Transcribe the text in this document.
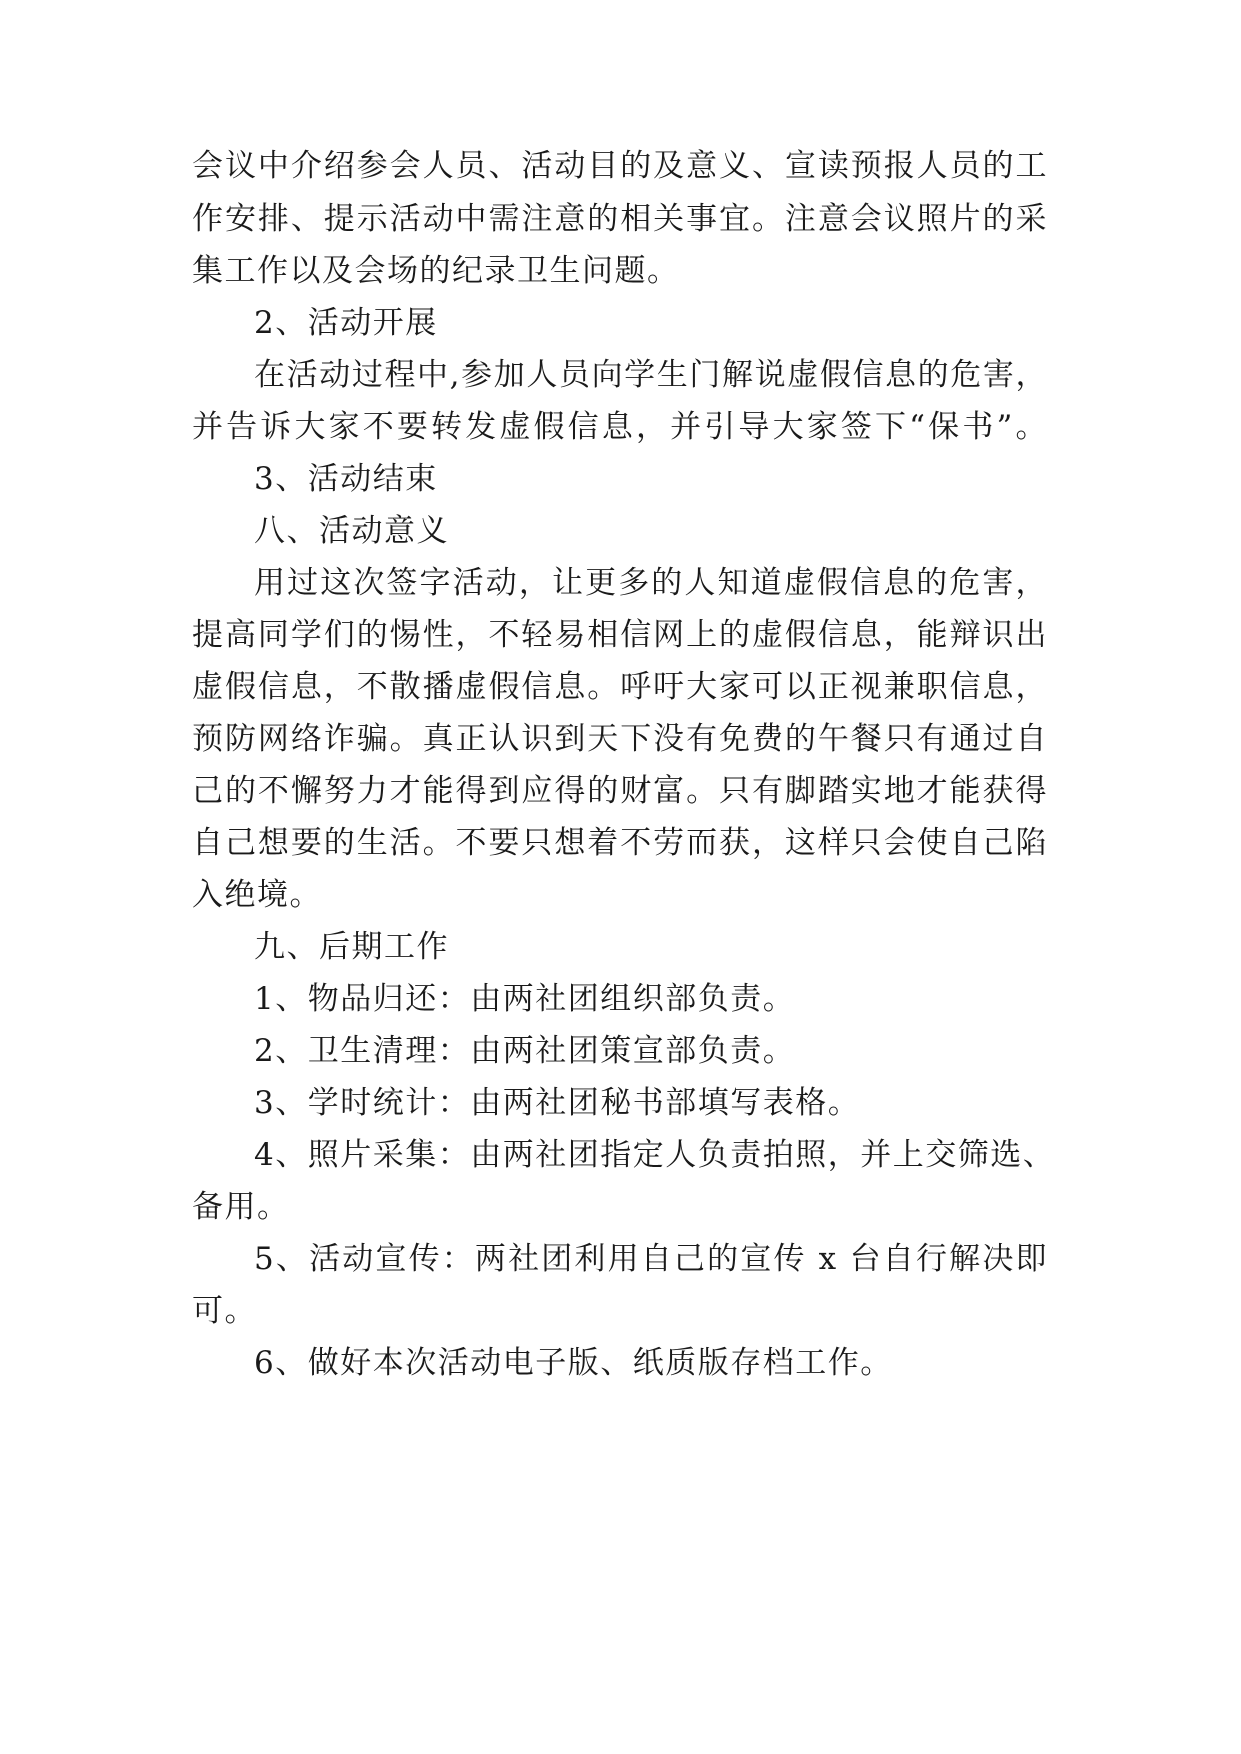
会议中介绍参会人员、活动目的及意义、宣读预报人员的工
作安排、提示活动中需注意的相关事宜。注意会议照片的采
集工作以及会场的纪录卫生问题。
2、活动开展
在活动过程中,参加人员向学生门解说虚假信息的危害，
并告诉大家不要转发虚假信息，并引导大家签下“保书”。
3、活动结束
八、活动意义
用过这次签字活动，让更多的人知道虚假信息的危害，
提高同学们的惕性，不轻易相信网上的虚假信息，能辩识出
虚假信息，不散播虚假信息。呼吁大家可以正视兼职信息，
预防网络诈骗。真正认识到天下没有免费的午餐只有通过自
己的不懈努力才能得到应得的财富。只有脚踏实地才能获得
自己想要的生活。不要只想着不劳而获，这样只会使自己陷
入绝境。
九、后期工作
1、物品归还：由两社团组织部负责。
2、卫生清理：由两社团策宣部负责。
3、学时统计：由两社团秘书部填写表格。
4、照片采集：由两社团指定人负责拍照，并上交筛选、
备用。
5、活动宣传：两社团利用自己的宣传 x 台自行解决即
可。
6、做好本次活动电子版、纸质版存档工作。
